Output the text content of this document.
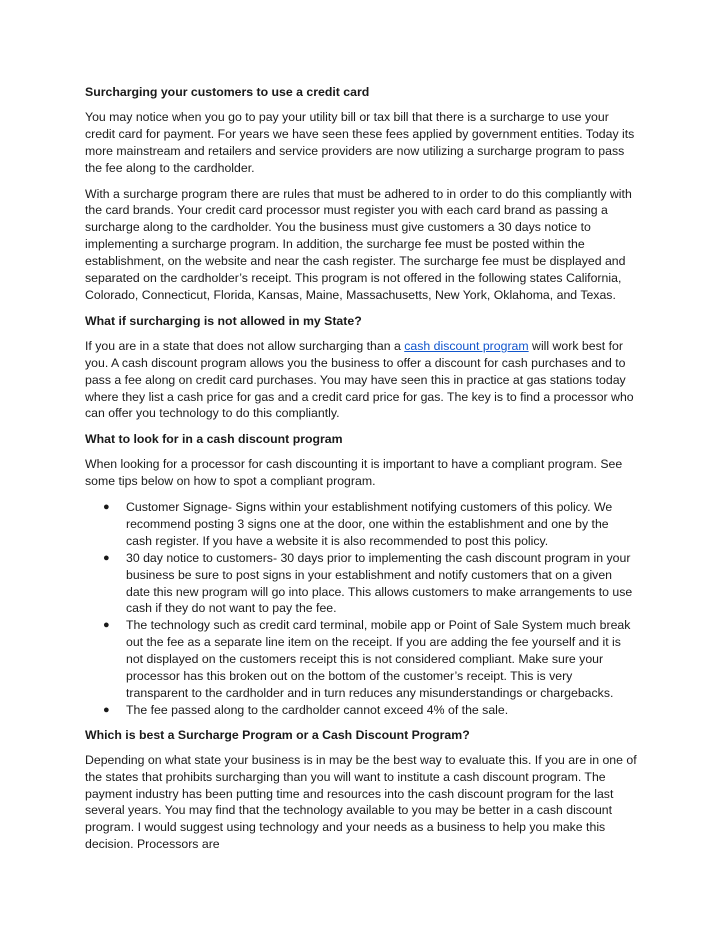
Surcharging your customers to use a credit card

You may notice when you go to pay your utility bill or tax bill that there is a surcharge to use your credit card for payment. For years we have seen these fees applied by government entities. Today its more mainstream and retailers and service providers are now utilizing a surcharge program to pass the fee along to the cardholder.

With a surcharge program there are rules that must be adhered to in order to do this compliantly with the card brands. Your credit card processor must register you with each card brand as passing a surcharge along to the cardholder. You the business must give customers a 30 days notice to implementing a surcharge program. In addition, the surcharge fee must be posted within the establishment, on the website and near the cash register. The surcharge fee must be displayed and separated on the cardholder’s receipt. This program is not offered in the following states California, Colorado, Connecticut, Florida, Kansas, Maine, Massachusetts, New York, Oklahoma, and Texas.

What if surcharging is not allowed in my State?

If you are in a state that does not allow surcharging than a cash discount program will work best for you. A cash discount program allows you the business to offer a discount for cash purchases and to pass a fee along on credit card purchases. You may have seen this in practice at gas stations today where they list a cash price for gas and a credit card price for gas. The key is to find a processor who can offer you technology to do this compliantly.

What to look for in a cash discount program

When looking for a processor for cash discounting it is important to have a compliant program. See some tips below on how to spot a compliant program.

● Customer Signage- Signs within your establishment notifying customers of this policy. We recommend posting 3 signs one at the door, one within the establishment and one by the cash register. If you have a website it is also recommended to post this policy.
● 30 day notice to customers- 30 days prior to implementing the cash discount program in your business be sure to post signs in your establishment and notify customers that on a given date this new program will go into place. This allows customers to make arrangements to use cash if they do not want to pay the fee.
● The technology such as credit card terminal, mobile app or Point of Sale System much break out the fee as a separate line item on the receipt. If you are adding the fee yourself and it is not displayed on the customers receipt this is not considered compliant. Make sure your processor has this broken out on the bottom of the customer’s receipt. This is very transparent to the cardholder and in turn reduces any misunderstandings or chargebacks.
● The fee passed along to the cardholder cannot exceed 4% of the sale.

Which is best a Surcharge Program or a Cash Discount Program?

Depending on what state your business is in may be the best way to evaluate this. If you are in one of the states that prohibits surcharging than you will want to institute a cash discount program. The payment industry has been putting time and resources into the cash discount program for the last several years. You may find that the technology available to you may be better in a cash discount program. I would suggest using technology and your needs as a business to help you make this decision. Processors are
